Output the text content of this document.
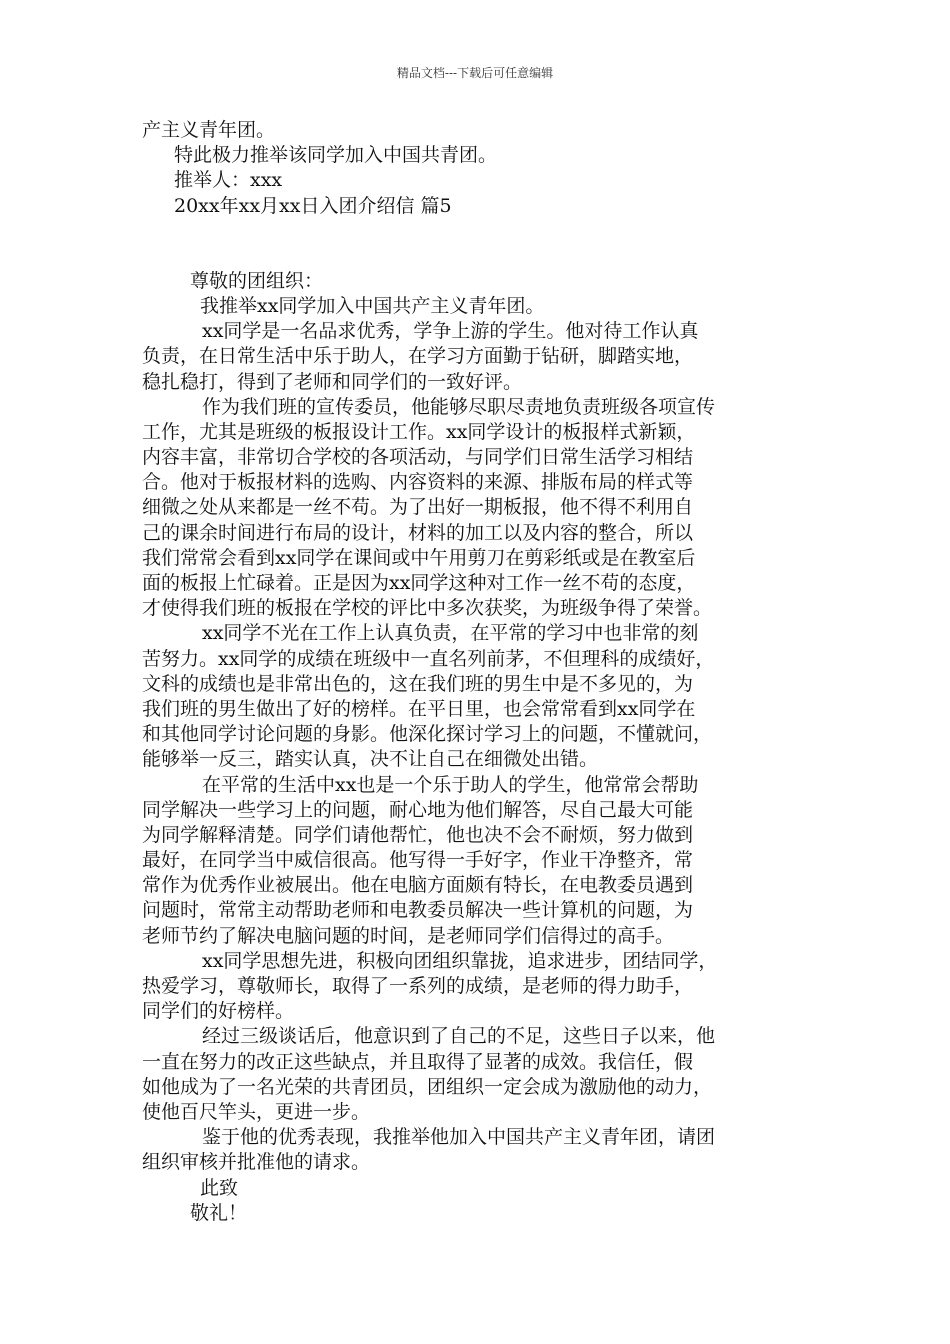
精品文档---下载后可任意编辑
产主义青年团。
特此极力推举该同学加入中国共青团。
推举人：xxx
20xx年xx月xx日入团介绍信 篇5
尊敬的团组织：
我推举xx同学加入中国共产主义青年团。
xx同学是一名品求优秀，学争上游的学生。他对待工作认真
负责，在日常生活中乐于助人，在学习方面勤于钻研，脚踏实地，
稳扎稳打，得到了老师和同学们的一致好评。
作为我们班的宣传委员，他能够尽职尽责地负责班级各项宣传
工作，尤其是班级的板报设计工作。xx同学设计的板报样式新颖，
内容丰富，非常切合学校的各项活动，与同学们日常生活学习相结
合。他对于板报材料的选购、内容资料的来源、排版布局的样式等
细微之处从来都是一丝不苟。为了出好一期板报，他不得不利用自
己的课余时间进行布局的设计，材料的加工以及内容的整合，所以
我们常常会看到xx同学在课间或中午用剪刀在剪彩纸或是在教室后
面的板报上忙碌着。正是因为xx同学这种对工作一丝不苟的态度，
才使得我们班的板报在学校的评比中多次获奖，为班级争得了荣誉。
xx同学不光在工作上认真负责，在平常的学习中也非常的刻
苦努力。xx同学的成绩在班级中一直名列前茅，不但理科的成绩好，
文科的成绩也是非常出色的，这在我们班的男生中是不多见的，为
我们班的男生做出了好的榜样。在平日里，也会常常看到xx同学在
和其他同学讨论问题的身影。他深化探讨学习上的问题，不懂就问，
能够举一反三，踏实认真，决不让自己在细微处出错。
在平常的生活中xx也是一个乐于助人的学生，他常常会帮助
同学解决一些学习上的问题，耐心地为他们解答，尽自己最大可能
为同学解释清楚。同学们请他帮忙，他也决不会不耐烦，努力做到
最好，在同学当中威信很高。他写得一手好字，作业干净整齐，常
常作为优秀作业被展出。他在电脑方面颇有特长，在电教委员遇到
问题时，常常主动帮助老师和电教委员解决一些计算机的问题，为
老师节约了解决电脑问题的时间，是老师同学们信得过的高手。
xx同学思想先进，积极向团组织靠拢，追求进步，团结同学，
热爱学习，尊敬师长，取得了一系列的成绩，是老师的得力助手，
同学们的好榜样。
经过三级谈话后，他意识到了自己的不足，这些日子以来，他
一直在努力的改正这些缺点，并且取得了显著的成效。我信任，假
如他成为了一名光荣的共青团员，团组织一定会成为激励他的动力，
使他百尺竿头，更进一步。
鉴于他的优秀表现，我推举他加入中国共产主义青年团，请团
组织审核并批准他的请求。
此致
敬礼！
